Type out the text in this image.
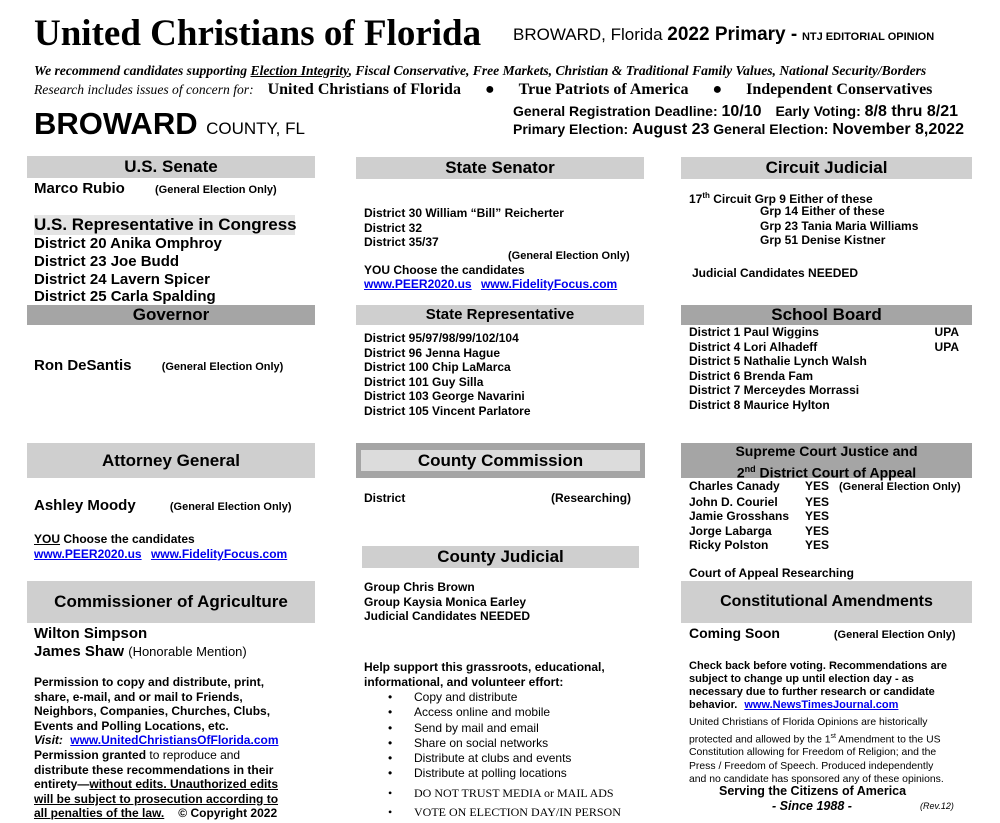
United Christians of Florida BROWARD, Florida 2022 Primary - NTJ EDITORIAL OPINION
We recommend candidates supporting Election Integrity, Fiscal Conservative, Free Markets, Christian & Traditional Family Values, National Security/Borders
Research includes issues of concern for: United Christians of Florida ● True Patriots of America ● Independent Conservatives
BROWARD COUNTY, FL
General Registration Deadline: 10/10 Early Voting: 8/8 thru 8/21
Primary Election: August 23 General Election: November 8,2022
U.S. Senate
Marco Rubio	(General Election Only)
U.S. Representative in Congress
District 20 Anika Omphroy
District 23 Joe Budd
District 24 Lavern Spicer
District 25 Carla Spalding
Governor
Ron DeSantis	(General Election Only)
Attorney General
Ashley Moody	(General Election Only)
YOU Choose the candidates
www.PEER2020.us www.FidelityFocus.com
Commissioner of Agriculture
Wilton Simpson
James Shaw (Honorable Mention)
Permission to copy and distribute, print,
share, e-mail, and or mail to Friends,
Neighbors, Companies, Churches, Clubs,
Events and Polling Locations, etc.
Visit: www.UnitedChristiansOfFlorida.com
Permission granted to reproduce and
distribute these recommendations in their
entirety—without edits. Unauthorized edits
will be subject to prosecution according to
all penalties of the law. © Copyright 2022
State Senator
District 30 William “Bill” Reicherter
District 32
District 35/37
(General Election Only)
YOU Choose the candidates
www.PEER2020.us www.FidelityFocus.com
State Representative
District 95/97/98/99/102/104
District 96 Jenna Hague
District 100 Chip LaMarca
District 101 Guy Silla
District 103 George Navarini
District 105 Vincent Parlatore
County Commission
District	(Researching)
County Judicial
Group Chris Brown
Group Kaysia Monica Earley
Judicial Candidates NEEDED
Help support this grassroots, educational,
informational, and volunteer effort:
• Copy and distribute
• Access online and mobile
• Send by mail and email
• Share on social networks
• Distribute at clubs and events
• Distribute at polling locations
• DO NOT TRUST MEDIA or MAIL ADS
• VOTE ON ELECTION DAY/IN PERSON
Circuit Judicial
17th Circuit Grp 9 Either of these
Grp 14 Either of these
Grp 23 Tania Maria Williams
Grp 51 Denise Kistner
Judicial Candidates NEEDED
School Board
District 1 Paul Wiggins	UPA
District 4 Lori Alhadeff	UPA
District 5 Nathalie Lynch Walsh
District 6 Brenda Fam
District 7 Merceydes Morrassi
District 8 Maurice Hylton
Supreme Court Justice and
2nd District Court of Appeal
Charles Canady YES (General Election Only)
John D. Couriel YES
Jamie Grosshans YES
Jorge Labarga	YES
Ricky Polston	YES
Court of Appeal Researching
Constitutional Amendments
Coming Soon	(General Election Only)
Check back before voting. Recommendations are
subject to change up until election day - as
necessary due to further research or candidate
behavior. www.NewsTimesJournal.com
United Christians of Florida Opinions are historically
protected and allowed by the 1st Amendment to the US
Constitution allowing for Freedom of Religion; and the
Press / Freedom of Speech. Produced independently
and no candidate has sponsored any of these opinions.
Serving the Citizens of America
- Since 1988 -	(Rev.12)
